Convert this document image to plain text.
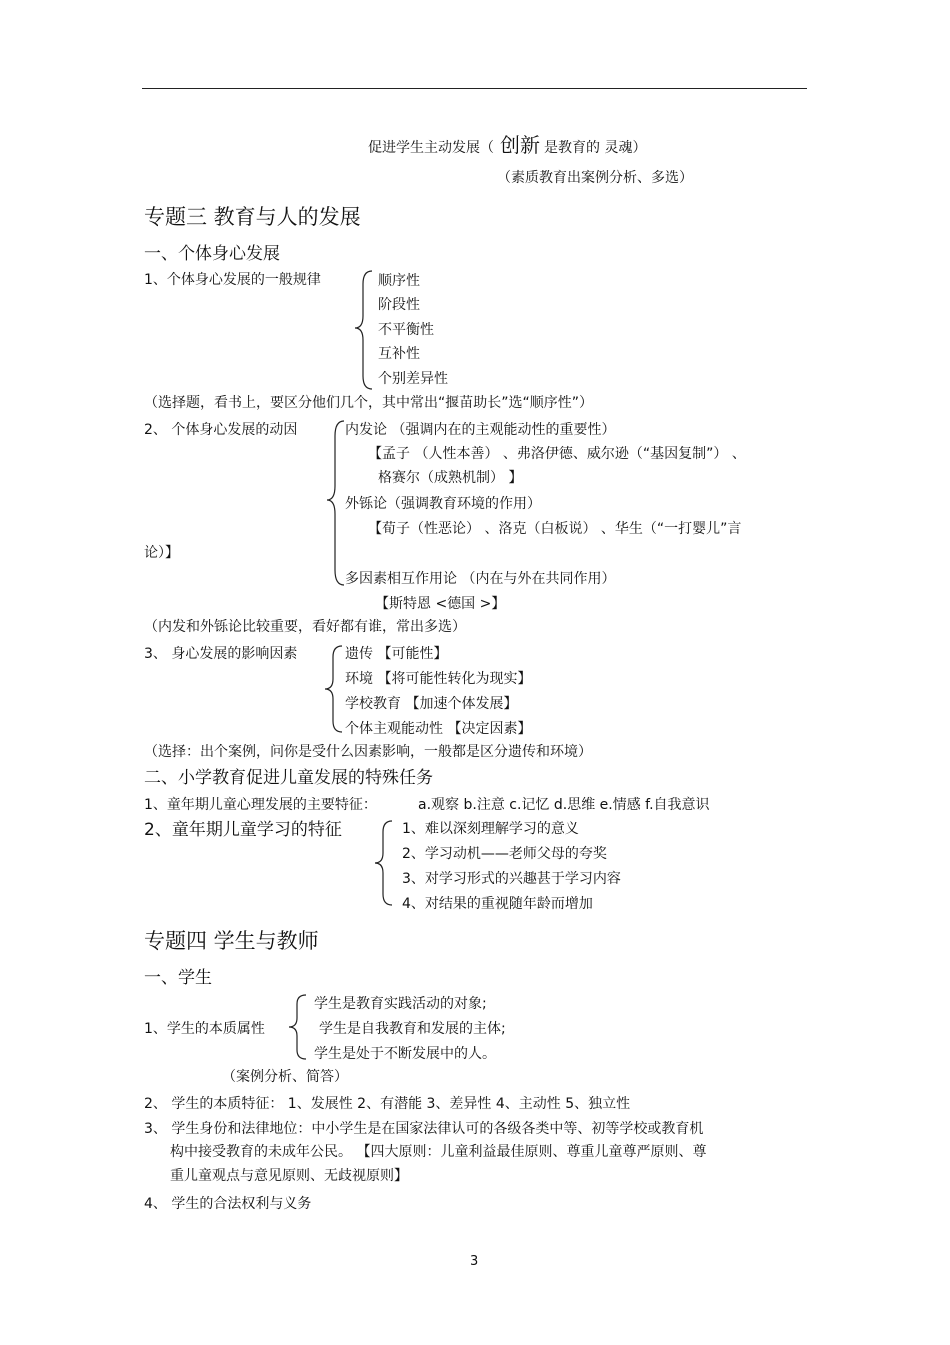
促进学生主动发展（ 创新 是教育的 灵魂）
（素质教育出案例分析、多选）
专题三 教育与人的发展
一、个体身心发展
1、个体身心发展的一般规律	顺序性
阶段性
不平衡性
互补性
个别差异性
（选择题，看书上，要区分他们几个，其中常出“揠苗助长”选“顺序性”）
2、 个体身心发展的动因	内发论 （强调内在的主观能动性的重要性）
【孟子 （人性本善） 、弗洛伊德、威尔逊（“基因复制”） 、
格赛尔（成熟机制） 】
外铄论（强调教育环境的作用）
【荀子（性恶论） 、洛克（白板说） 、华生（“一打婴儿”言
论）】
多因素相互作用论 （内在与外在共同作用）
【斯特恩 <德国 >】
（内发和外铄论比较重要，看好都有谁，常出多选）
3、 身心发展的影响因素	遗传 【可能性】
环境 【将可能性转化为现实】
学校教育 【加速个体发展】
个体主观能动性 【决定因素】
（选择：出个案例，问你是受什么因素影响，一般都是区分遗传和环境）
二、小学教育促进儿童发展的特殊任务
1、童年期儿童心理发展的主要特征：	a.观察 b.注意 c.记忆 d.思维 e.情感 f.自我意识
2、童年期儿童学习的特征	1、难以深刻理解学习的意义
2、学习动机——老师父母的夸奖
3、对学习形式的兴趣甚于学习内容
4、对结果的重视随年龄而增加
专题四 学生与教师
一、学生
1、学生的本质属性
学生是教育实践活动的对象;
学生是自我教育和发展的主体;
学生是处于不断发展中的人。
（案例分析、简答）
2、 学生的本质特征： 1、发展性 2、有潜能 3、差异性 4、主动性 5、独立性
3、 学生身份和法律地位：中小学生是在国家法律认可的各级各类中等、初等学校或教育机
构中接受教育的未成年公民。 【四大原则：儿童利益最佳原则、尊重儿童尊严原则、尊
重儿童观点与意见原则、无歧视原则】
4、 学生的合法权利与义务
3
